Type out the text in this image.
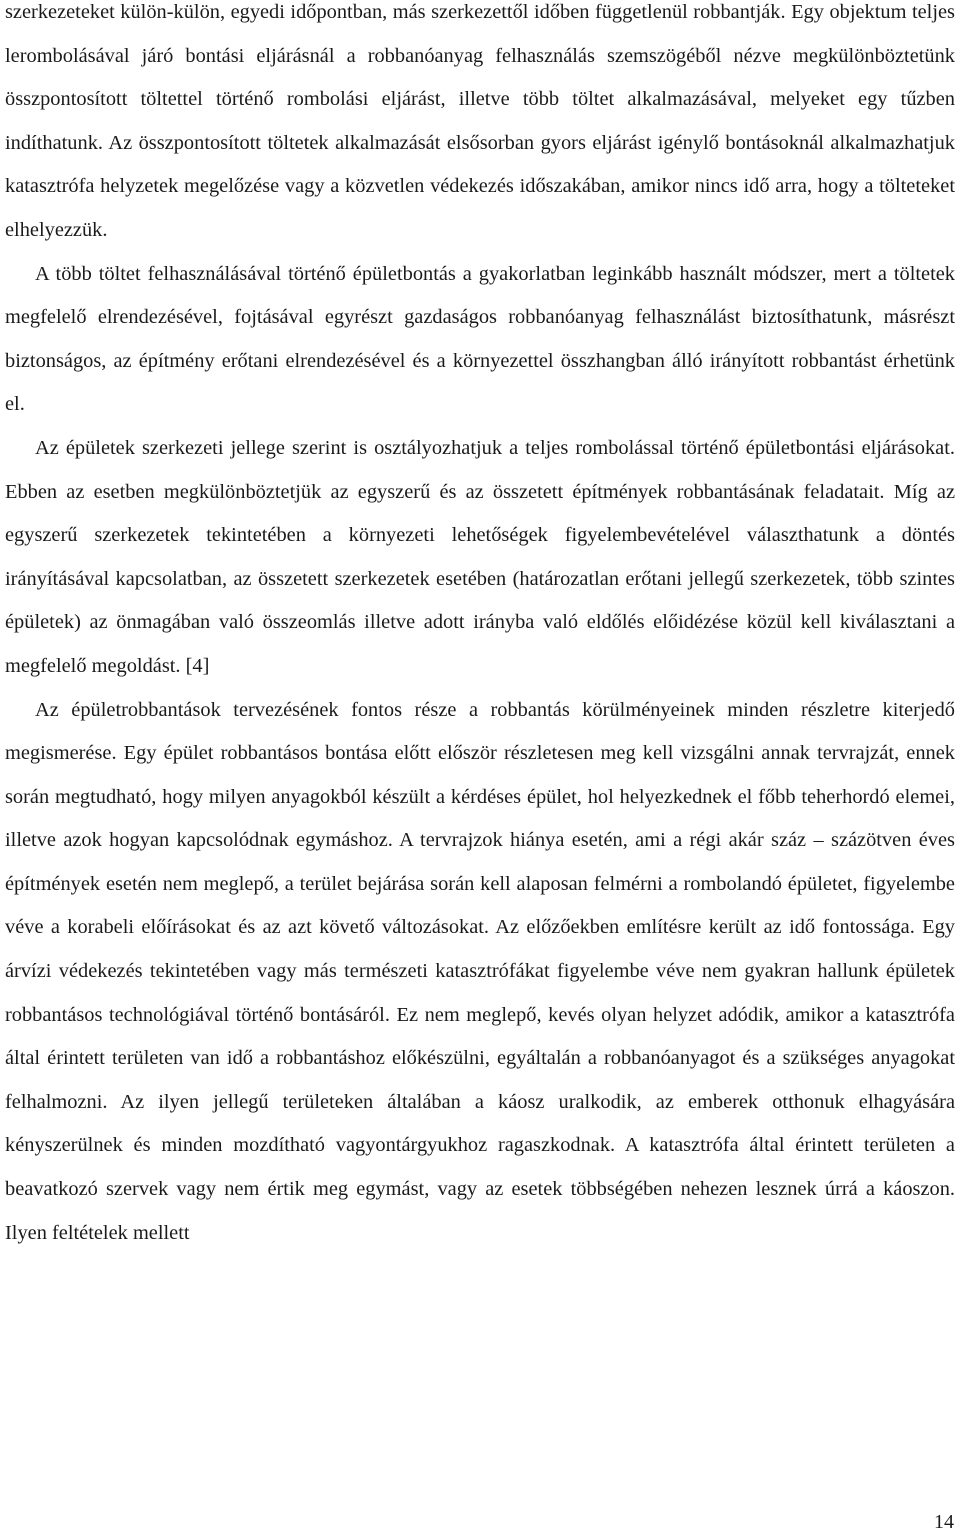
szerkezeteket külön-külön, egyedi időpontban, más szerkezettől időben függetlenül robbantják. Egy objektum teljes lerombolásával járó bontási eljárásnál a robbanóanyag felhasználás szemszögéből nézve megkülönböztetünk összpontosított töltettel történő rombolási eljárást, illetve több töltet alkalmazásával, melyeket egy tűzben indíthatunk. Az összpontosított töltetek alkalmazását elsősorban gyors eljárást igénylő bontásoknál alkalmazhatjuk katasztrófa helyzetek megelőzése vagy a közvetlen védekezés időszakában, amikor nincs idő arra, hogy a tölteteket elhelyezzük.

A több töltet felhasználásával történő épületbontás a gyakorlatban leginkább használt módszer, mert a töltetek megfelelő elrendezésével, fojtásával egyrészt gazdaságos robbanóanyag felhasználást biztosíthatunk, másrészt biztonságos, az építmény erőtani elrendezésével és a környezettel összhangban álló irányított robbantást érhetünk el.

Az épületek szerkezeti jellege szerint is osztályozhatjuk a teljes rombolással történő épületbontási eljárásokat. Ebben az esetben megkülönböztetjük az egyszerű és az összetett építmények robbantásának feladatait. Míg az egyszerű szerkezetek tekintetében a környezeti lehetőségek figyelembevételével választhatunk a döntés irányításával kapcsolatban, az összetett szerkezetek esetében (határozatlan erőtani jellegű szerkezetek, több szintes épületek) az önmagában való összeomlás illetve adott irányba való eldőlés előidézése közül kell kiválasztani a megfelelő megoldást. [4]

Az épületrobbantások tervezésének fontos része a robbantás körülményeinek minden részletre kiterjedő megismerése. Egy épület robbantásos bontása előtt először részletesen meg kell vizsgálni annak tervrajzát, ennek során megtudható, hogy milyen anyagokból készült a kérdéses épület, hol helyezkednek el főbb teherhordó elemei, illetve azok hogyan kapcsolódnak egymáshoz. A tervrajzok hiánya esetén, ami a régi akár száz – százötven éves építmények esetén nem meglepő, a terület bejárása során kell alaposan felmérni a rombolandó épületet, figyelembe véve a korabeli előírásokat és az azt követő változásokat. Az előzőekben említésre került az idő fontossága. Egy árvízi védekezés tekintetében vagy más természeti katasztrófákat figyelembe véve nem gyakran hallunk épületek robbantásos technológiával történő bontásáról. Ez nem meglepő, kevés olyan helyzet adódik, amikor a katasztrófa által érintett területen van idő a robbantáshoz előkészülni, egyáltalán a robbanóanyagot és a szükséges anyagokat felhalmozni. Az ilyen jellegű területeken általában a káosz uralkodik, az emberek otthonuk elhagyására kényszerülnek és minden mozdítható vagyontárgyukhoz ragaszkodnak. A katasztrófa által érintett területen a beavatkozó szervek vagy nem értik meg egymást, vagy az esetek többségében nehezen lesznek úrrá a káoszon. Ilyen feltételek mellett

14
